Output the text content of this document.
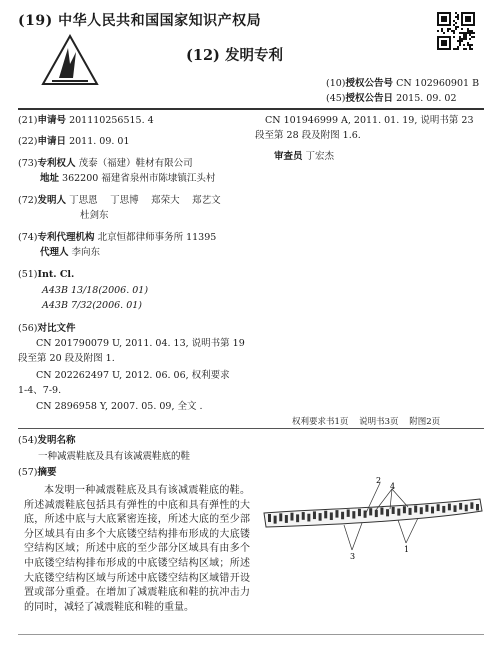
(19) 中华人民共和国国家知识产权局
(12) 发明专利
(10)授权公告号 CN 102960901 B
(45)授权公告日 2015. 09. 02
(21)申请号 201110256515. 4
(22)申请日 2011. 09. 01
(73)专利权人 茂泰（福建）鞋材有限公司
地址 362200 福建省泉州市陈埭镇江头村
(72)发明人 丁思恩　 丁思博　 郑荣大　 郑艺文
杜剑东
(74)专利代理机构 北京恒都律师事务所 11395
代理人 李向东
(51)Int. Cl.
A43B 13/18(2006. 01)
A43B 7/32(2006. 01)
(56)对比文件
CN 201790079 U, 2011. 04. 13, 说明书第 19
段至第 20 段及附图 1.
CN 202262497 U, 2012. 06. 06, 权利要求
1-4、7-9.
CN 2896958 Y, 2007. 05. 09, 全文 .
CN 101946999 A, 2011. 01. 19, 说明书第 23
段至第 28 段及附图 1.6.
审查员 丁宏杰
权利要求书1页 说明书3页 附图2页
(54)发明名称
一种减震鞋底及具有该减震鞋底的鞋
(57)摘要
本发明一种减震鞋底及具有该减震鞋底的鞋。所述减震鞋底包括具有弹性的中底和具有弹性的大底，所述中底与大底紧密连接，所述大底的至少部分区域具有由多个大底镂空结构排布形成的大底镂空结构区域；所述中底的至少部分区域具有由多个中底镂空结构排布形成的中底镂空结构区域；所述大底镂空结构区域与所述中底镂空结构区域错开设置或部分重叠。在增加了减震鞋底和鞋的抗冲击力的同时，减轻了减震鞋底和鞋的重量。
2
4
3
1
